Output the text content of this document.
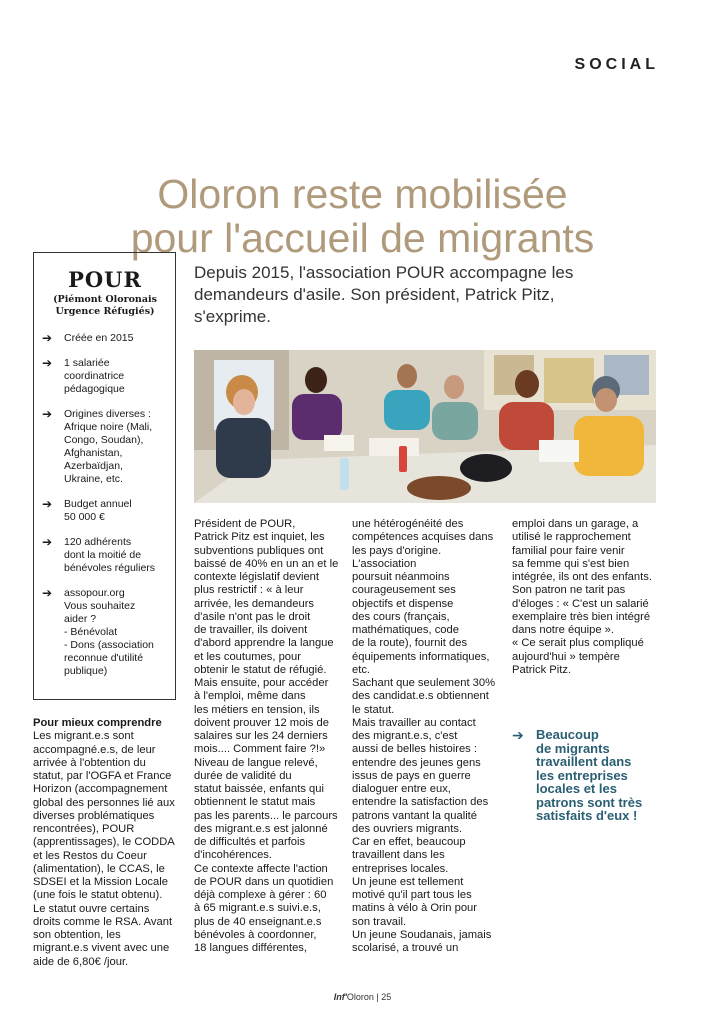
SOCIAL
Oloron reste mobilisée
pour l'accueil de migrants
POUR
(Piémont Oloronais
Urgence Réfugiés)
➔	Créée en 2015
➔	1 salariée
coordinatrice
pédagogique
➔	Origines diverses :
Afrique noire (Mali,
Congo, Soudan),
Afghanistan,
Azerbaïdjan,
Ukraine, etc.
➔	Budget annuel
50 000 €
➔	120 adhérents
dont la moitié de
bénévoles réguliers
➔	assopour.org
Vous souhaitez
aider ?
- Bénévolat
- Dons (association
reconnue d'utilité
publique)
Depuis 2015, l'association POUR accompagne les demandeurs d'asile. Son président, Patrick Pitz, s'exprime.
Pour mieux comprendre
Les migrant.e.s sont
accompagné.e.s, de leur
arrivée à l'obtention du
statut, par l'OGFA et France
Horizon (accompagnement
global des personnes lié aux
diverses problématiques
rencontrées), POUR
(apprentissages), le CODDA
et les Restos du Coeur
(alimentation), le CCAS, le
SDSEI et la Mission Locale
(une fois le statut obtenu).
Le statut ouvre certains
droits comme le RSA. Avant
son obtention, les
migrant.e.s vivent avec une
aide de 6,80€ /jour.
Président de POUR,
Patrick Pitz est inquiet, les
subventions publiques ont
baissé de 40% en un an et le
contexte législatif devient
plus restrictif : « à leur
arrivée, les demandeurs
d'asile n'ont pas le droit
de travailler, ils doivent
d'abord apprendre la langue
et les coutumes, pour
obtenir le statut de réfugié.
Mais ensuite, pour accéder
à l'emploi, même dans
les métiers en tension, ils
doivent prouver 12 mois de
salaires sur les 24 derniers
mois.... Comment faire ?!»
Niveau de langue relevé,
durée de validité du
statut baissée, enfants qui
obtiennent le statut mais
pas les parents... le parcours
des migrant.e.s est jalonné
de difficultés et parfois
d'incohérences.
Ce contexte affecte l'action
de POUR dans un quotidien
déjà complexe à gérer : 60
à 65 migrant.e.s suivi.e.s,
plus de 40 enseignant.e.s
bénévoles à coordonner,
18 langues différentes,
une hétérogénéité des
compétences acquises dans
les pays d'origine.
L'association
poursuit néanmoins
courageusement ses
objectifs et dispense
des cours (français,
mathématiques, code
de la route), fournit des
équipements informatiques,
etc.
Sachant que seulement 30%
des candidat.e.s obtiennent
le statut.
Mais travailler au contact
des migrant.e.s, c'est
aussi de belles histoires :
entendre des jeunes gens
issus de pays en guerre
dialoguer entre eux,
entendre la satisfaction des
patrons vantant la qualité
des ouvriers migrants.
Car en effet, beaucoup
travaillent dans les
entreprises locales.
Un jeune est tellement
motivé qu'il part tous les
matins à vélo à Orin pour
son travail.
Un jeune Soudanais, jamais
scolarisé, a trouvé un
emploi dans un garage, a
utilisé le rapprochement
familial pour faire venir
sa femme qui s'est bien
intégrée, ils ont des enfants.
Son patron ne tarit pas
d'éloges : « C'est un salarié
exemplaire très bien intégré
dans notre équipe ».
« Ce serait plus compliqué
aujourd'hui » tempère
Patrick Pitz.
➔ Beaucoup
de migrants
travaillent dans
les entreprises
locales et les
patrons sont très
satisfaits d'eux !
Inf'Oloron | 25
